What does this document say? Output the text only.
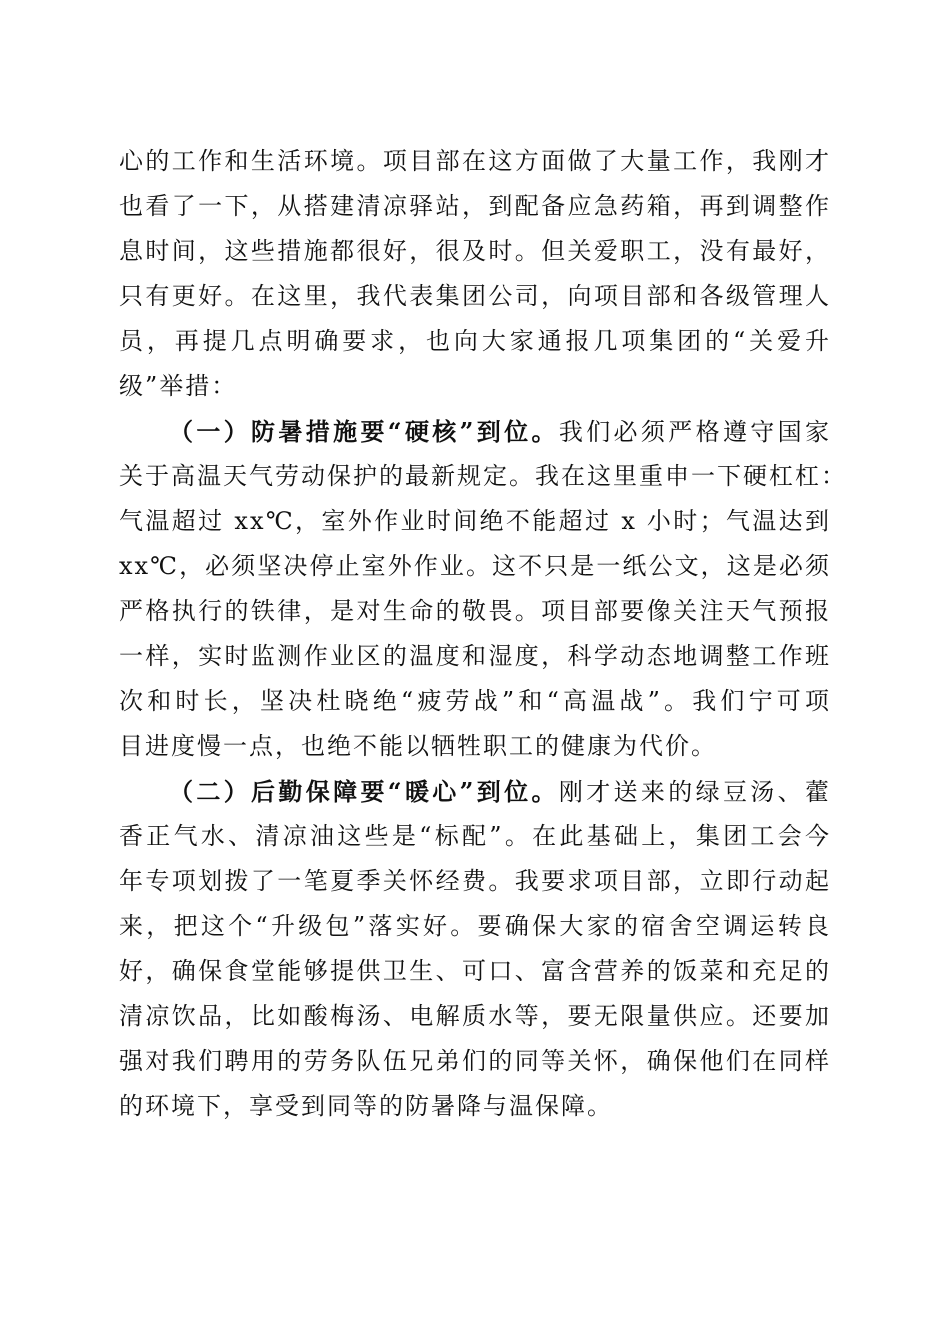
心的工作和生活环境。项目部在这方面做了大量工作，我刚才
也看了一下，从搭建清凉驿站，到配备应急药箱，再到调整作
息时间，这些措施都很好，很及时。但关爱职工，没有最好，
只有更好。在这里，我代表集团公司，向项目部和各级管理人
员，再提几点明确要求，也向大家通报几项集团的“关爱升
级”举措：
（一）防暑措施要“硬核”到位。我们必须严格遵守国家
关于高温天气劳动保护的最新规定。我在这里重申一下硬杠杠：
气温超过 xx℃，室外作业时间绝不能超过 x 小时；气温达到
xx℃，必须坚决停止室外作业。这不只是一纸公文，这是必须
严格执行的铁律，是对生命的敬畏。项目部要像关注天气预报
一样，实时监测作业区的温度和湿度，科学动态地调整工作班
次和时长，坚决杜晓绝“疲劳战”和“高温战”。我们宁可项
目进度慢一点，也绝不能以牺牲职工的健康为代价。
（二）后勤保障要“暖心”到位。刚才送来的绿豆汤、藿
香正气水、清凉油这些是“标配”。在此基础上，集团工会今
年专项划拨了一笔夏季关怀经费。我要求项目部，立即行动起
来，把这个“升级包”落实好。要确保大家的宿舍空调运转良
好，确保食堂能够提供卫生、可口、富含营养的饭菜和充足的
清凉饮品，比如酸梅汤、电解质水等，要无限量供应。还要加
强对我们聘用的劳务队伍兄弟们的同等关怀，确保他们在同样
的环境下，享受到同等的防暑降与温保障。
